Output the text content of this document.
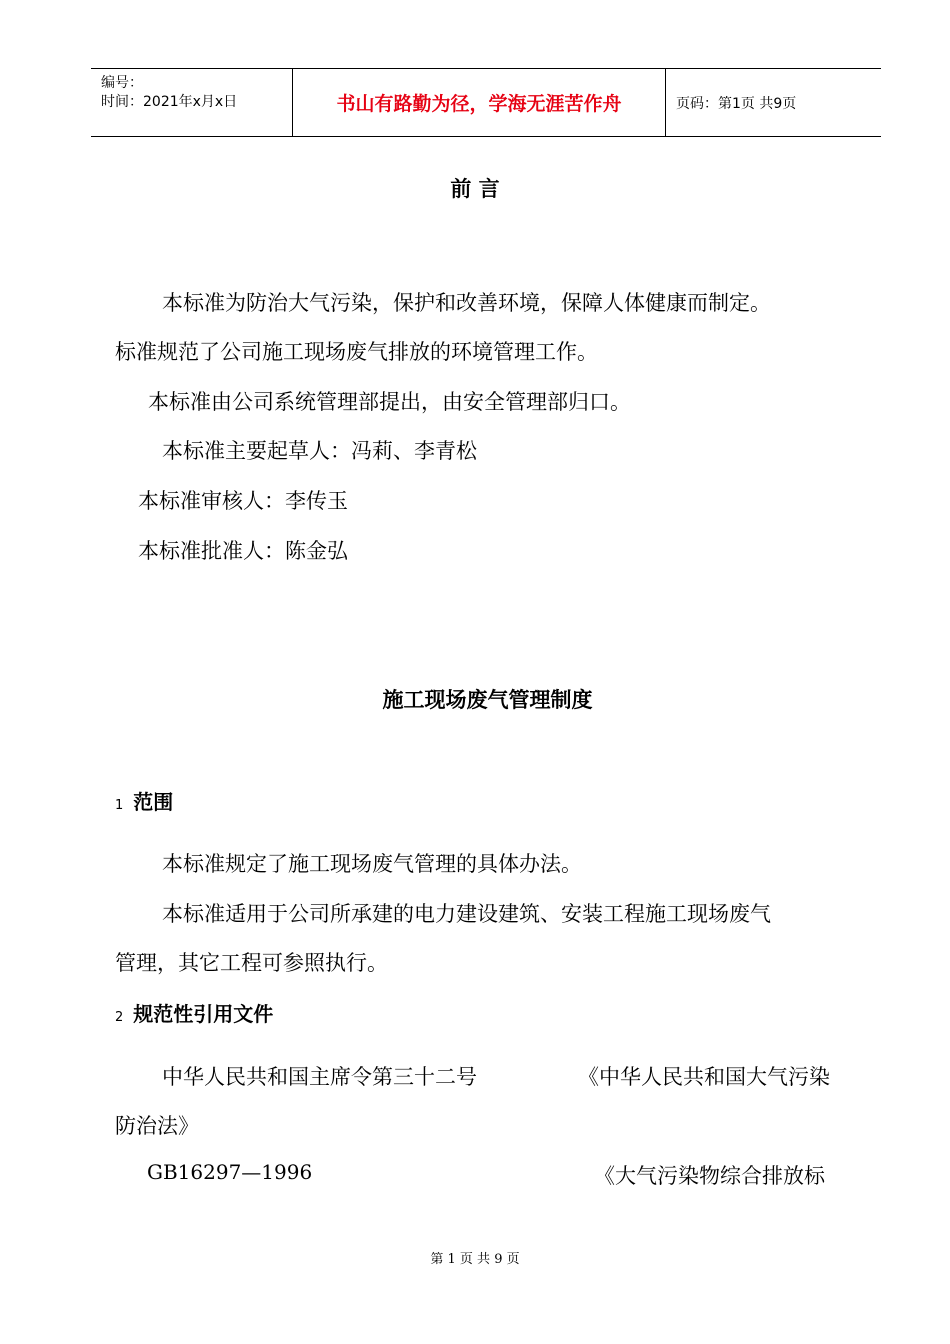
编号：
时间：2021年x月x日	书山有路勤为径，学海无涯苦作舟	页码：第1页 共9页
前 言
本标准为防治大气污染，保护和改善环境，保障人体健康而制定。
标准规范了公司施工现场废气排放的环境管理工作。
本标准由公司系统管理部提出，由安全管理部归口。
本标准主要起草人：冯莉、李青松
本标准审核人：李传玉
本标准批准人：陈金弘
施工现场废气管理制度
1 范围
本标准规定了施工现场废气管理的具体办法。
本标准适用于公司所承建的电力建设建筑、安装工程施工现场废气
管理，其它工程可参照执行。
2 规范性引用文件
中华人民共和国主席令第三十二号	《中华人民共和国大气污染
防治法》
GB16297—1996	《大气污染物综合排放标
第 1 页 共 9 页
